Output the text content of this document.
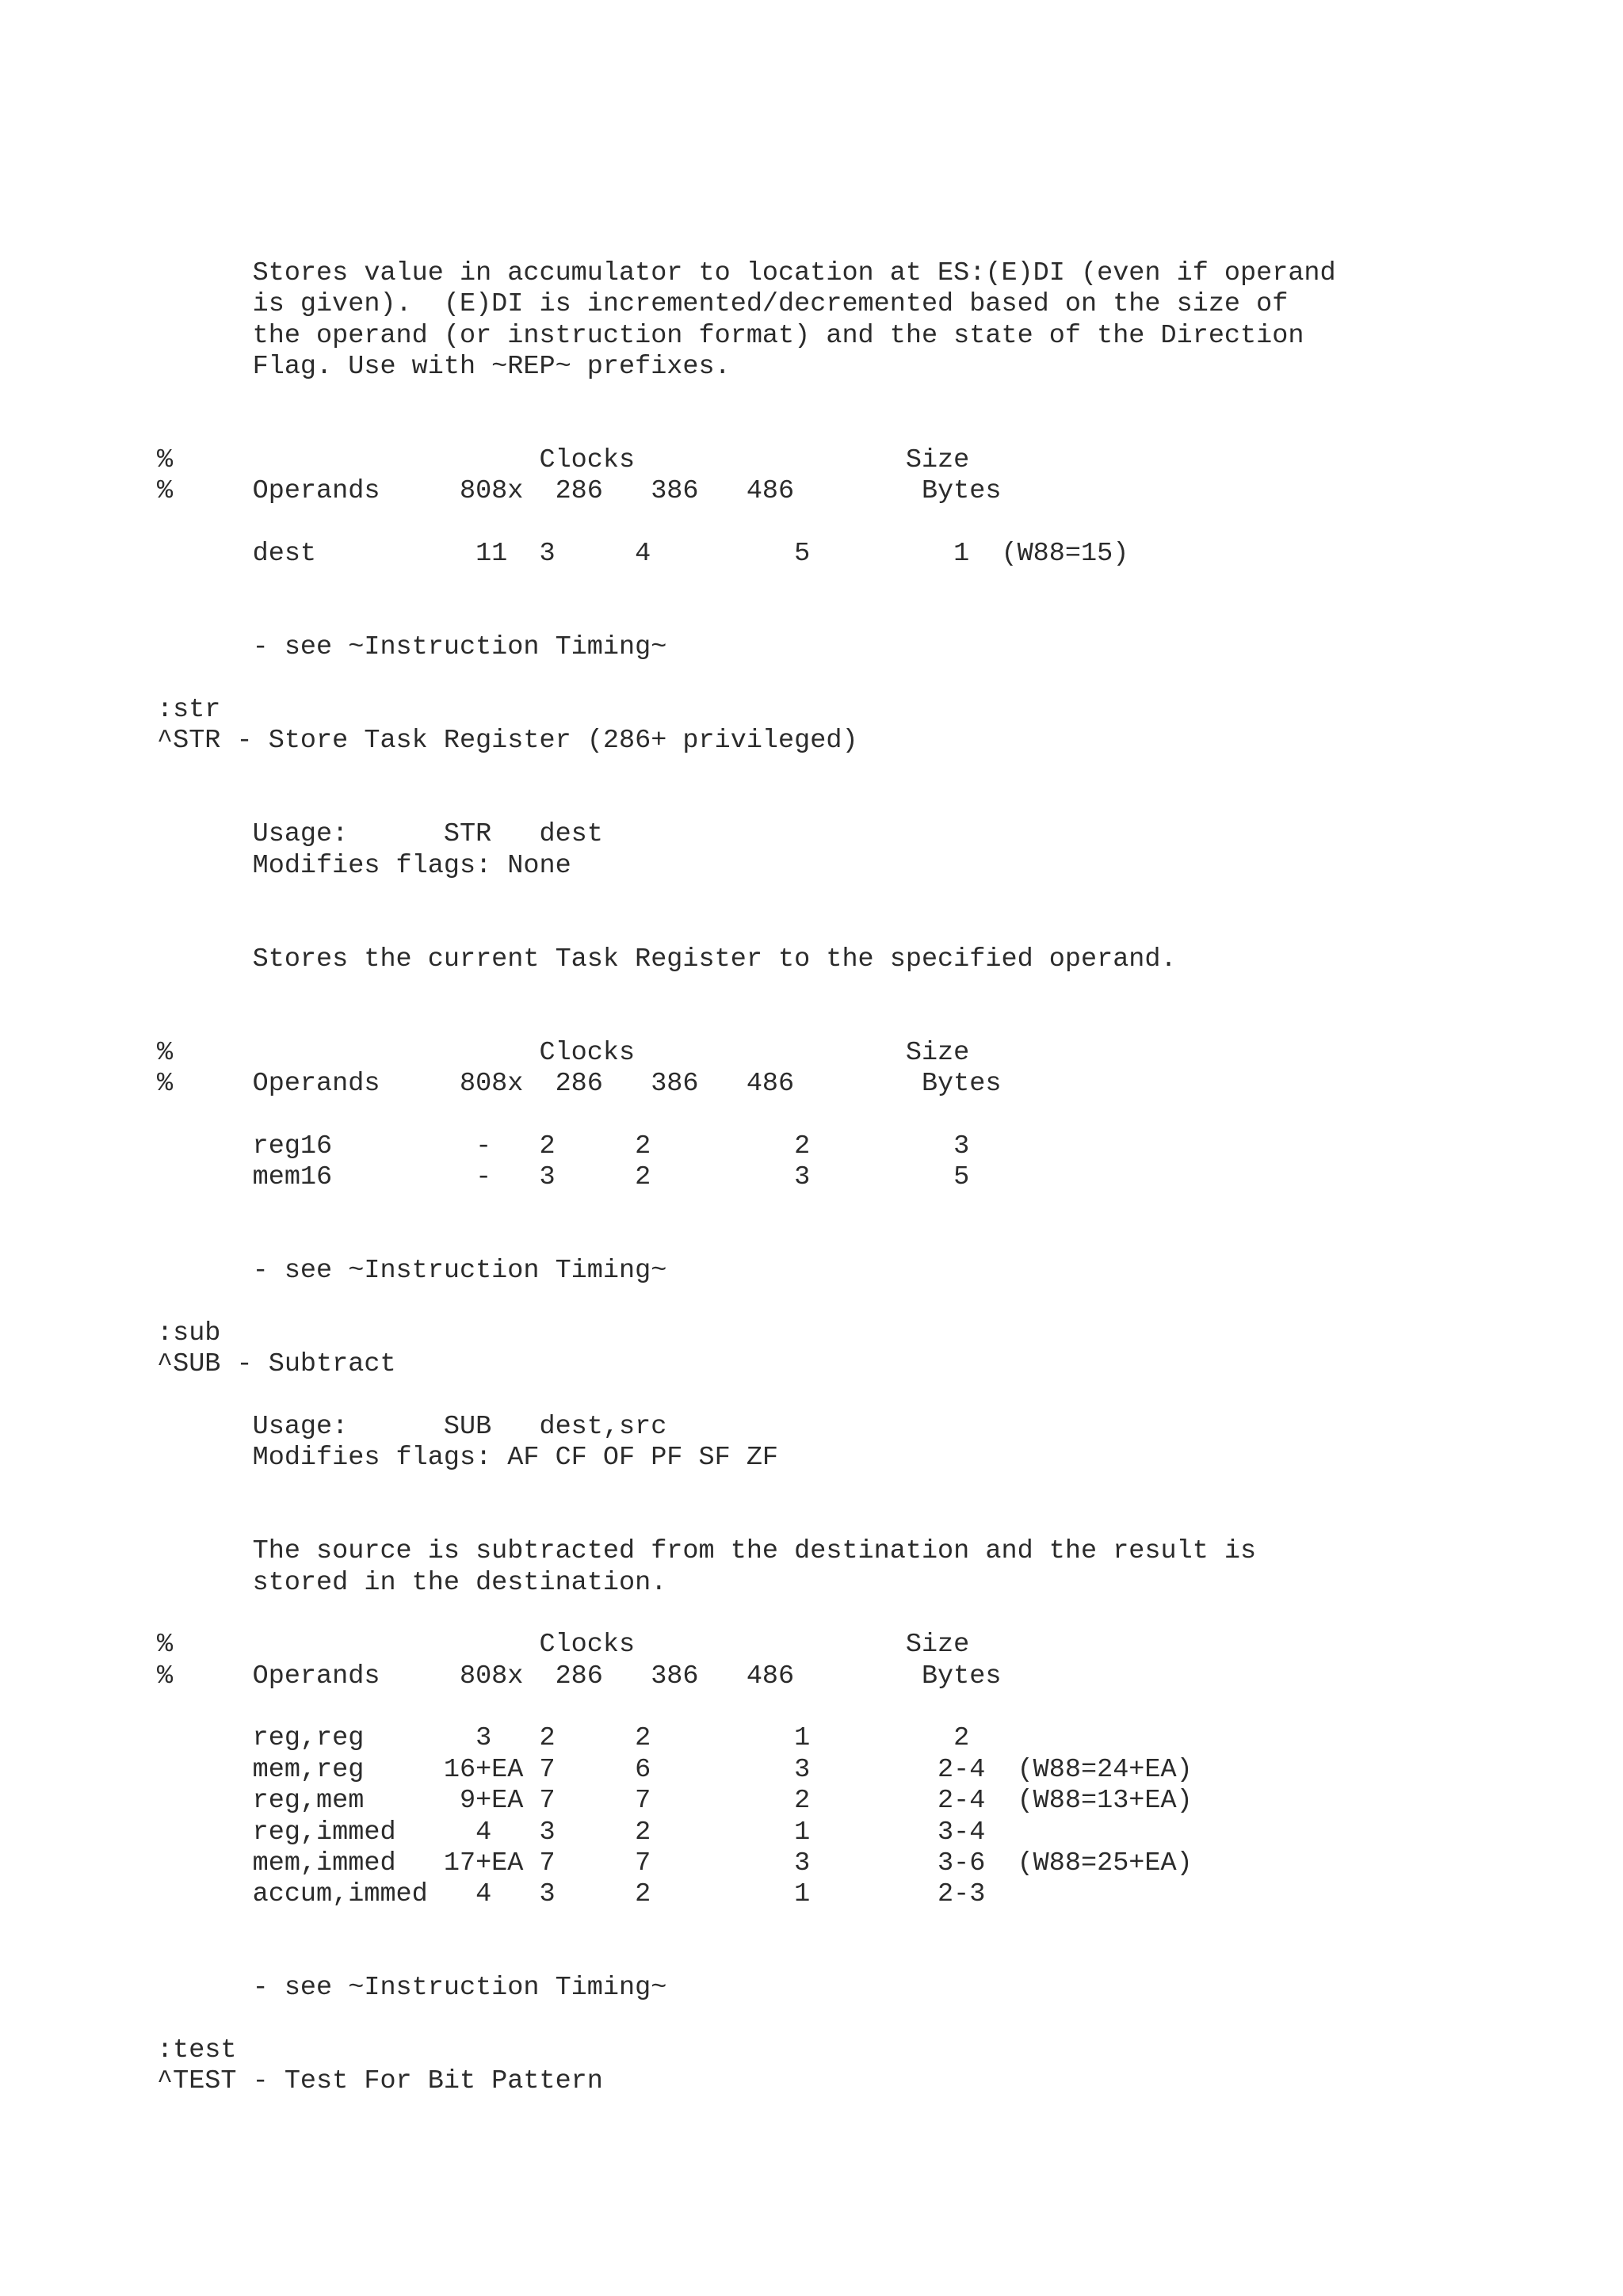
Stores value in accumulator to location at ES:(E)DI (even if operand

is given).  (E)DI is incremented/decremented based on the size of

the operand (or instruction format) and the state of the Direction

Flag. Use with ~REP~ prefixes.

%                       Clocks                 Size

%     Operands     808x  286   386   486        Bytes

dest          11  3     4         5         1  (W88=15)

- see ~Instruction Timing~

:str

^STR - Store Task Register (286+ privileged)

Usage:      STR   dest

Modifies flags: None

Stores the current Task Register to the specified operand.

%                       Clocks                 Size

%     Operands     808x  286   386   486        Bytes

reg16         -   2     2         2         3

mem16         -   3     2         3         5

- see ~Instruction Timing~

:sub

^SUB - Subtract

Usage:      SUB   dest,src

Modifies flags: AF CF OF PF SF ZF

The source is subtracted from the destination and the result is

stored in the destination.

%                       Clocks                 Size

%     Operands     808x  286   386   486        Bytes

reg,reg       3   2     2         1         2

mem,reg     16+EA 7     6         3        2-4  (W88=24+EA)

reg,mem      9+EA 7     7         2        2-4  (W88=13+EA)

reg,immed     4   3     2         1        3-4

mem,immed   17+EA 7     7         3        3-6  (W88=25+EA)

accum,immed   4   3     2         1        2-3

- see ~Instruction Timing~

:test

^TEST - Test For Bit Pattern
